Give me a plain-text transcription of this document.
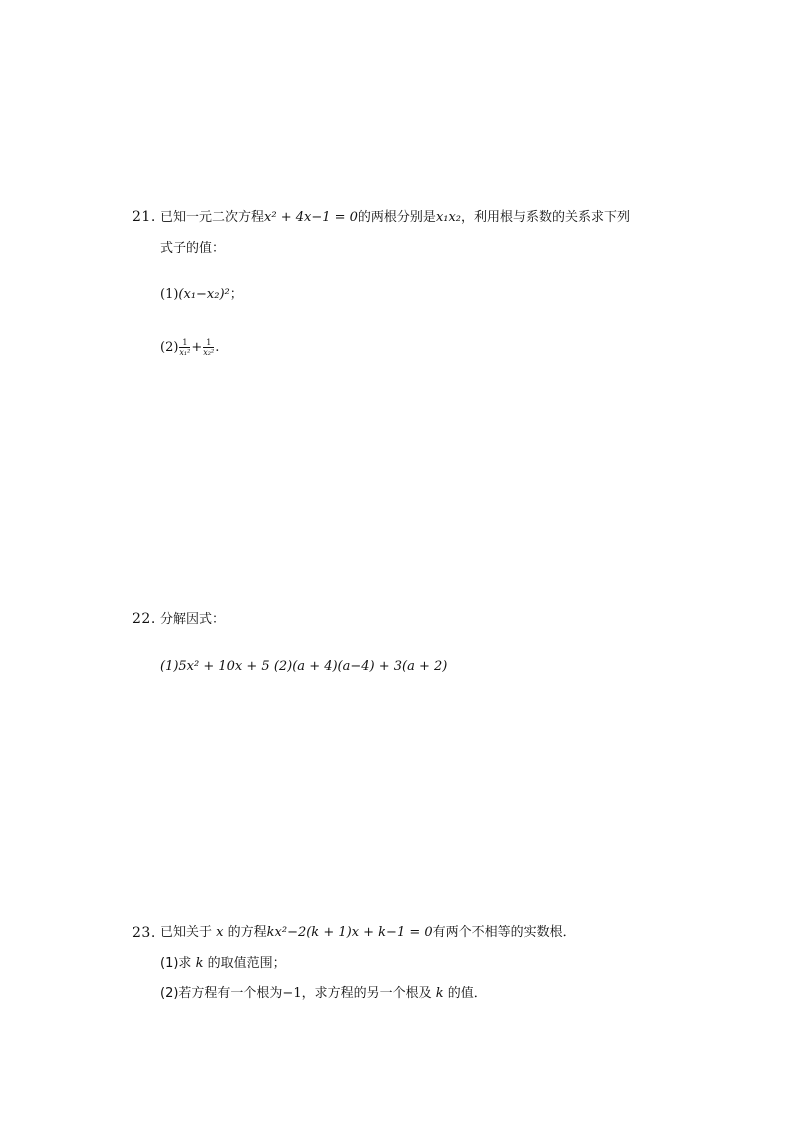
21. 已知一元二次方程x² + 4x−1 = 0的两根分别是x₁x₂，利用根与系数的关系求下列
式子的值：
(1)(x₁−x₂)²；
$(2) \frac{1}{\text{x₁²}} + \frac{1}{\text{x₂²}}$ .
22. 分解因式：
(1)5x² + 10x + 5 (2)(a + 4)(a−4) + 3(a + 2)
23. 已知关于 x 的方程kx²−2(k + 1)x + k−1 = 0有两个不相等的实数根．
(1)求 k 的取值范围；
(2)若方程有一个根为−1，求方程的另一个根及 k 的值．
